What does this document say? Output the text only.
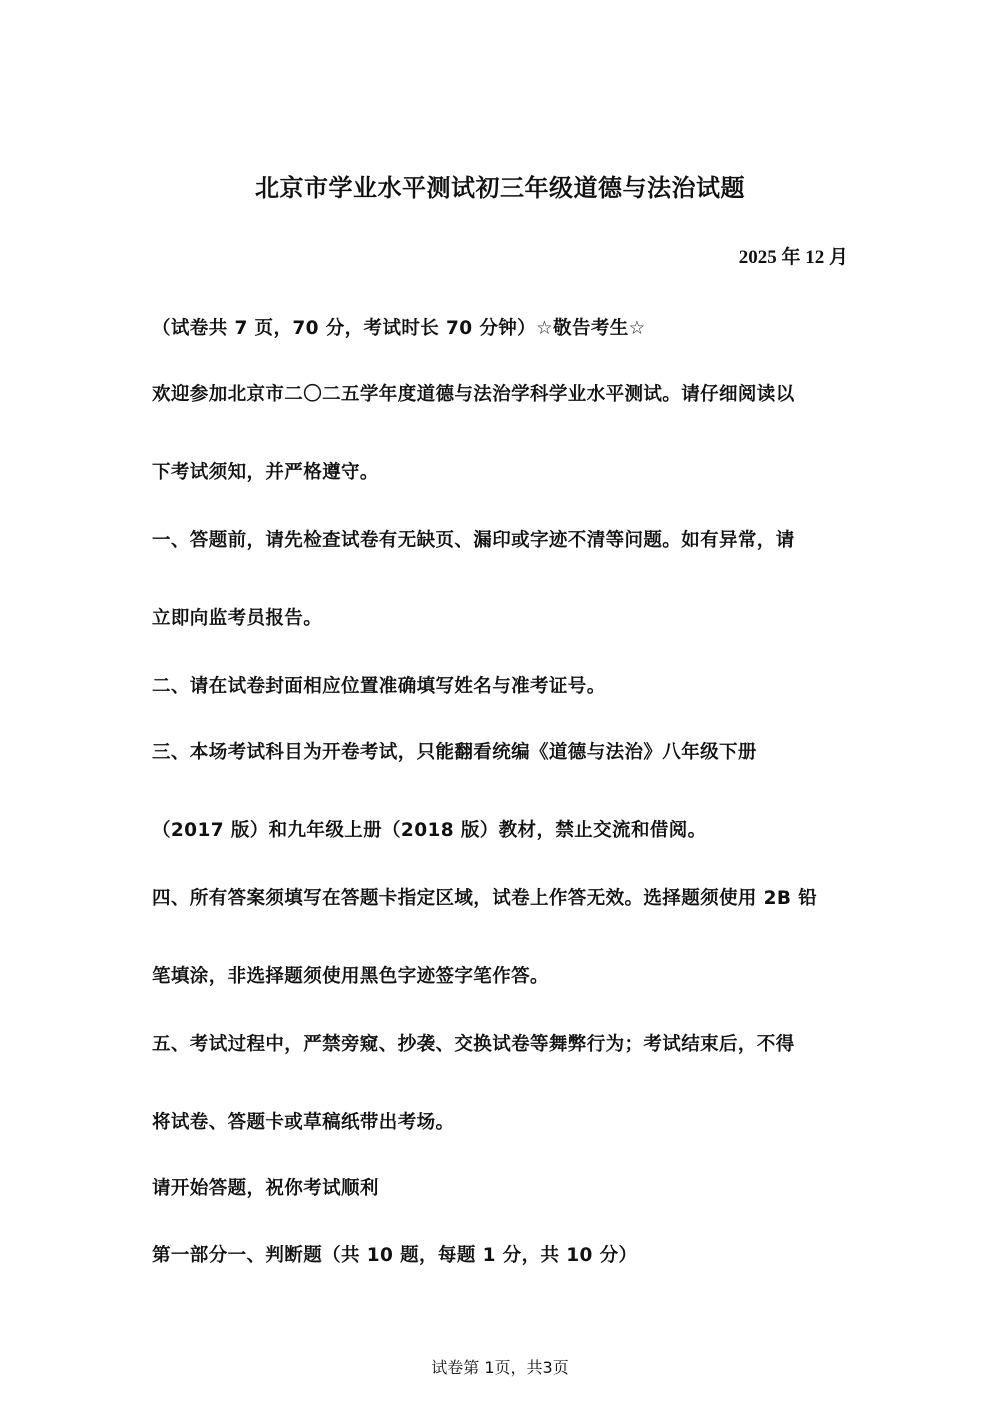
北京市学业水平测试初三年级道德与法治试题
2025 年 12 月
（试卷共 7 页，70 分，考试时长 70 分钟）☆敬告考生☆
欢迎参加北京市二〇二五学年度道德与法治学科学业水平测试。请仔细阅读以
下考试须知，并严格遵守。
一、答题前，请先检查试卷有无缺页、漏印或字迹不清等问题。如有异常，请
立即向监考员报告。
二、请在试卷封面相应位置准确填写姓名与准考证号。
三、本场考试科目为开卷考试，只能翻看统编《道德与法治》八年级下册
（2017 版）和九年级上册（2018 版）教材，禁止交流和借阅。
四、所有答案须填写在答题卡指定区域，试卷上作答无效。选择题须使用 2B 铅
笔填涂，非选择题须使用黑色字迹签字笔作答。
五、考试过程中，严禁旁窥、抄袭、交换试卷等舞弊行为；考试结束后，不得
将试卷、答题卡或草稿纸带出考场。
请开始答题，祝你考试顺利
第一部分一、判断题（共 10 题，每题 1 分，共 10 分）
试卷第 1页，共3页
